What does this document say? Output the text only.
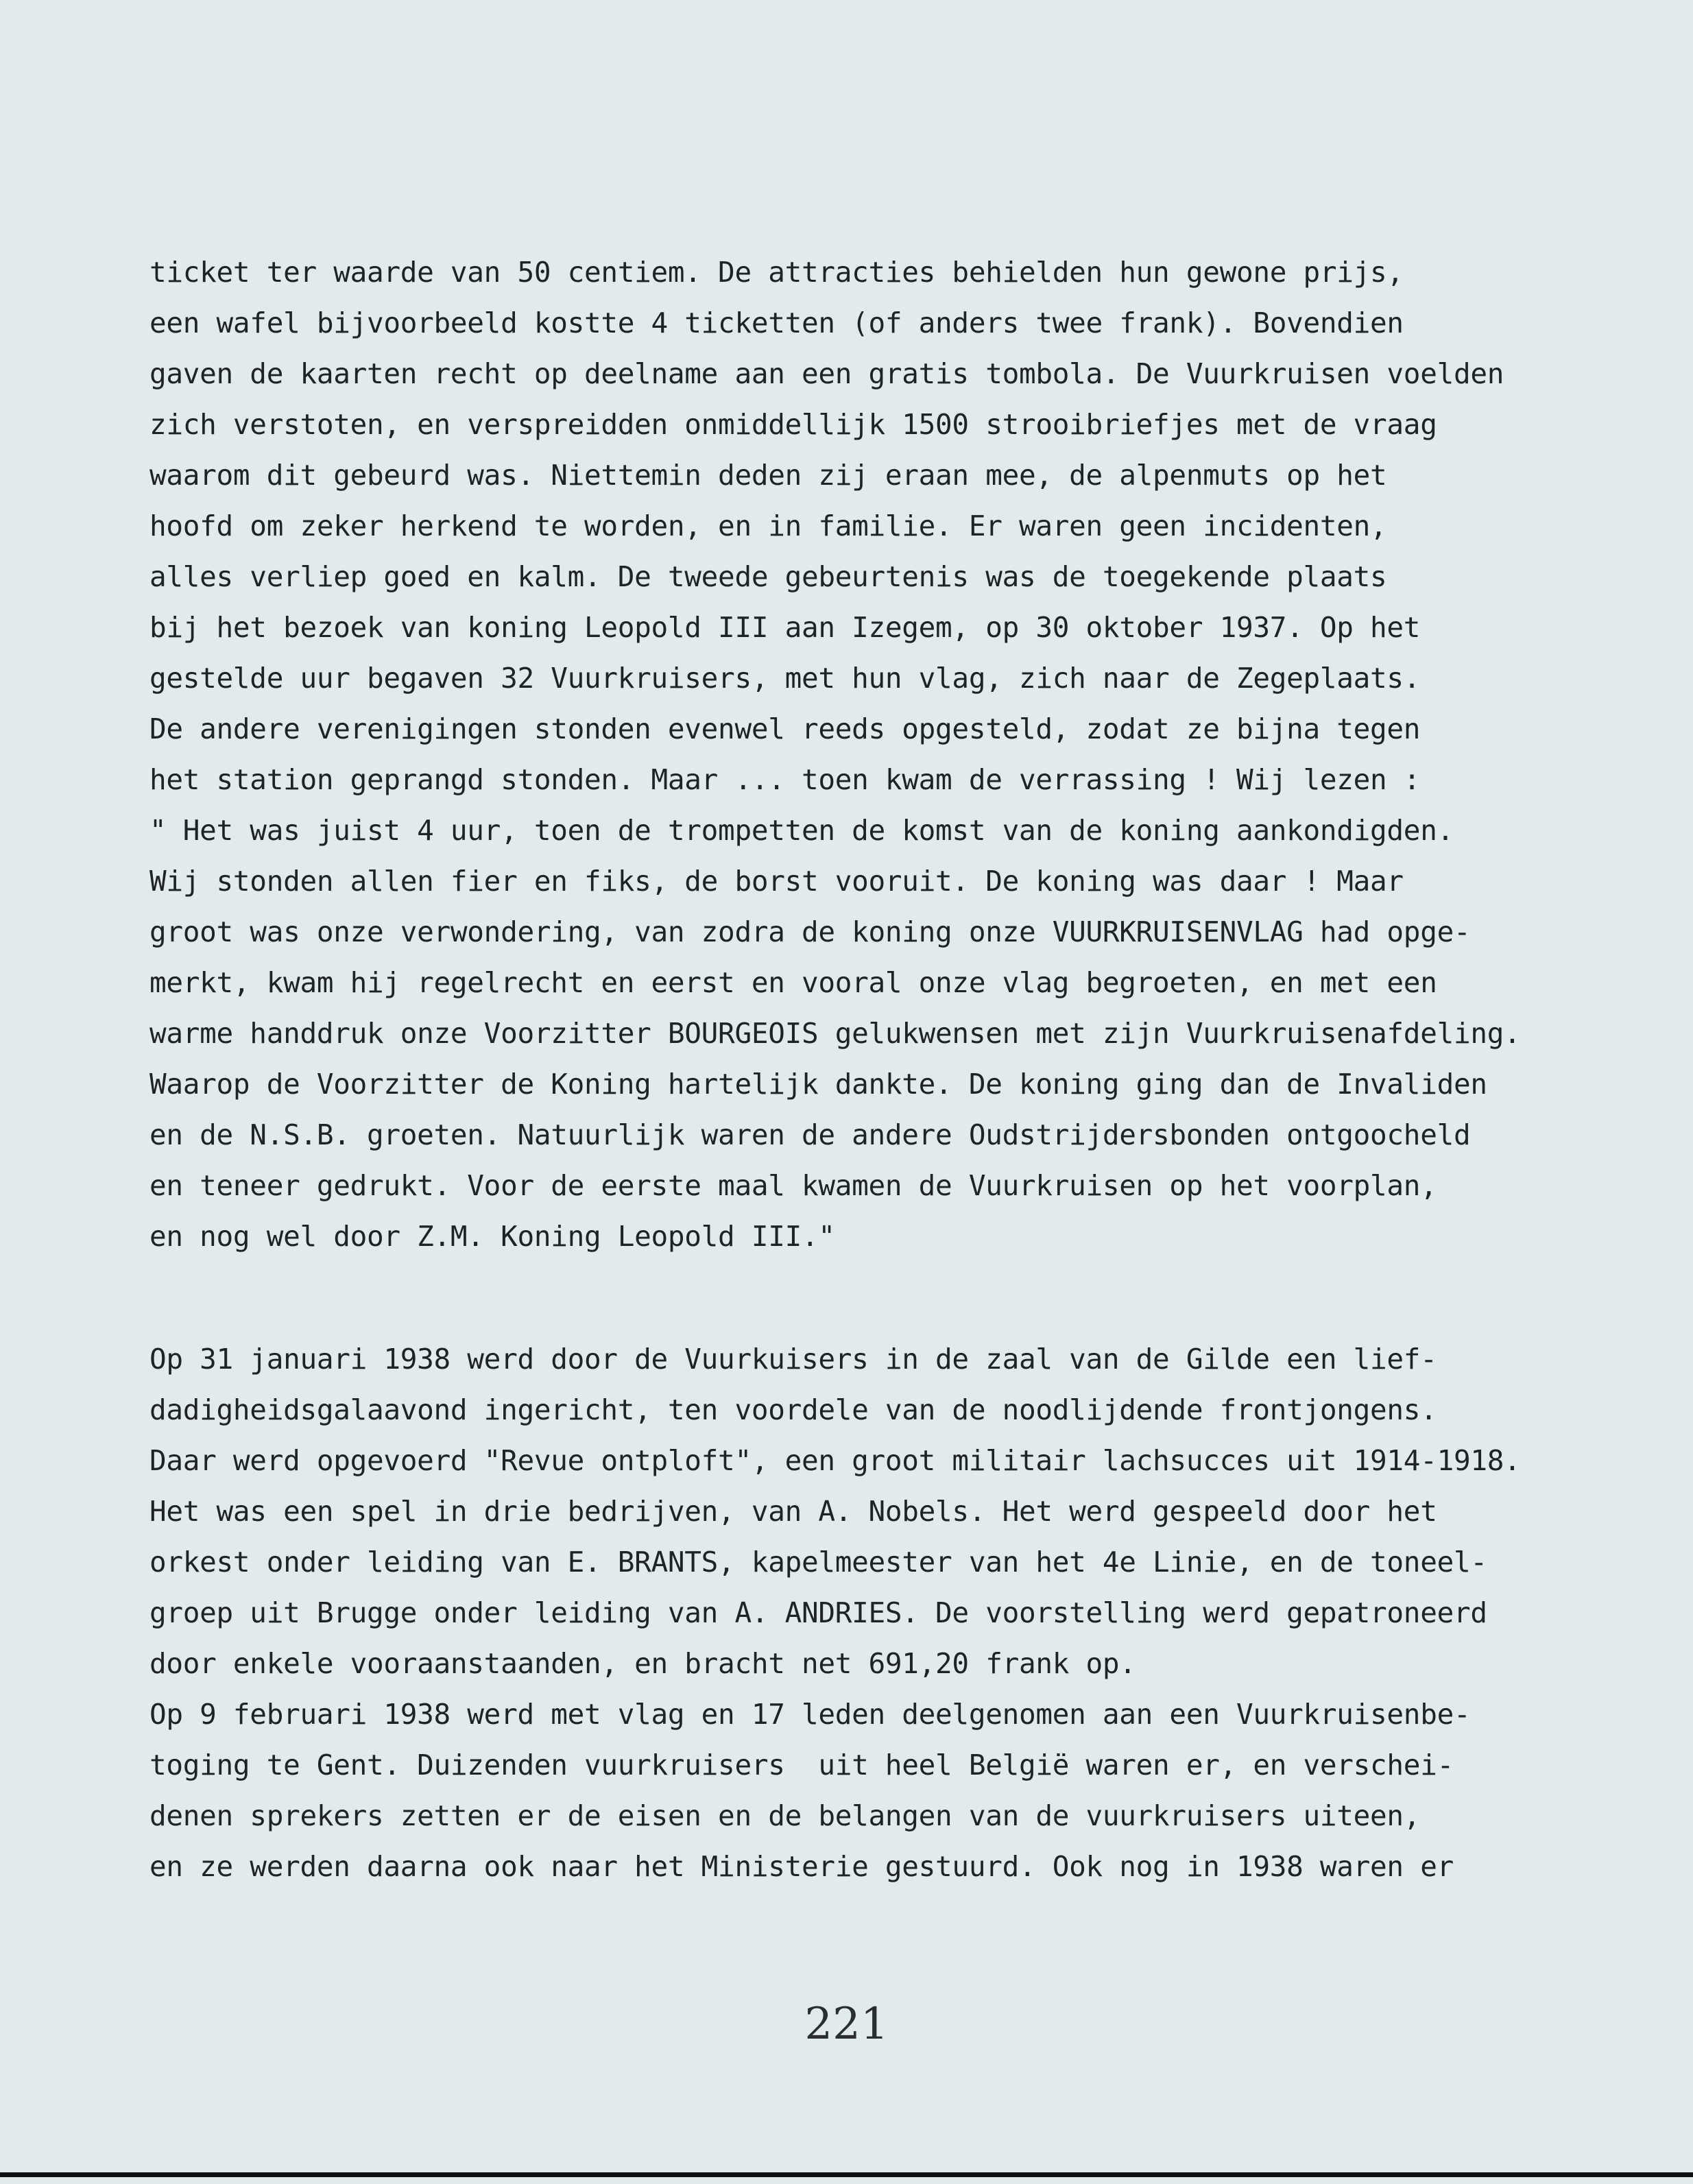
ticket ter waarde van 50 centiem. De attracties behielden hun gewone prijs,
een wafel bijvoorbeeld kostte 4 ticketten (of anders twee frank). Bovendien
gaven de kaarten recht op deelname aan een gratis tombola. De Vuurkruisen voelden
zich verstoten, en verspreidden onmiddellijk 1500 strooibriefjes met de vraag
waarom dit gebeurd was. Niettemin deden zij eraan mee, de alpenmuts op het
hoofd om zeker herkend te worden, en in familie. Er waren geen incidenten,
alles verliep goed en kalm. De tweede gebeurtenis was de toegekende plaats
bij het bezoek van koning Leopold III aan Izegem, op 30 oktober 1937. Op het
gestelde uur begaven 32 Vuurkruisers, met hun vlag, zich naar de Zegeplaats.
De andere verenigingen stonden evenwel reeds opgesteld, zodat ze bijna tegen
het station geprangd stonden. Maar ... toen kwam de verrassing ! Wij lezen :
" Het was juist 4 uur, toen de trompetten de komst van de koning aankondigden.
Wij stonden allen fier en fiks, de borst vooruit. De koning was daar ! Maar
groot was onze verwondering, van zodra de koning onze VUURKRUISENVLAG had opge-
merkt, kwam hij regelrecht en eerst en vooral onze vlag begroeten, en met een
warme handdruk onze Voorzitter BOURGEOIS gelukwensen met zijn Vuurkruisenafdeling.
Waarop de Voorzitter de Koning hartelijk dankte. De koning ging dan de Invaliden
en de N.S.B. groeten. Natuurlijk waren de andere Oudstrijdersbonden ontgoocheld
en teneer gedrukt. Voor de eerste maal kwamen de Vuurkruisen op het voorplan,
en nog wel door Z.M. Koning Leopold III."
Op 31 januari 1938 werd door de Vuurkuisers in de zaal van de Gilde een lief-
dadigheidsgalaavond ingericht, ten voordele van de noodlijdende frontjongens.
Daar werd opgevoerd "Revue ontploft", een groot militair lachsucces uit 1914-1918.
Het was een spel in drie bedrijven, van A. Nobels. Het werd gespeeld door het
orkest onder leiding van E. BRANTS, kapelmeester van het 4e Linie, en de toneel-
groep uit Brugge onder leiding van A. ANDRIES. De voorstelling werd gepatroneerd
door enkele vooraanstaanden, en bracht net 691,20 frank op.
Op 9 februari 1938 werd met vlag en 17 leden deelgenomen aan een Vuurkruisenbe-
toging te Gent. Duizenden vuurkruisers  uit heel België waren er, en verschei-
denen sprekers zetten er de eisen en de belangen van de vuurkruisers uiteen,
en ze werden daarna ook naar het Ministerie gestuurd. Ook nog in 1938 waren er
221
